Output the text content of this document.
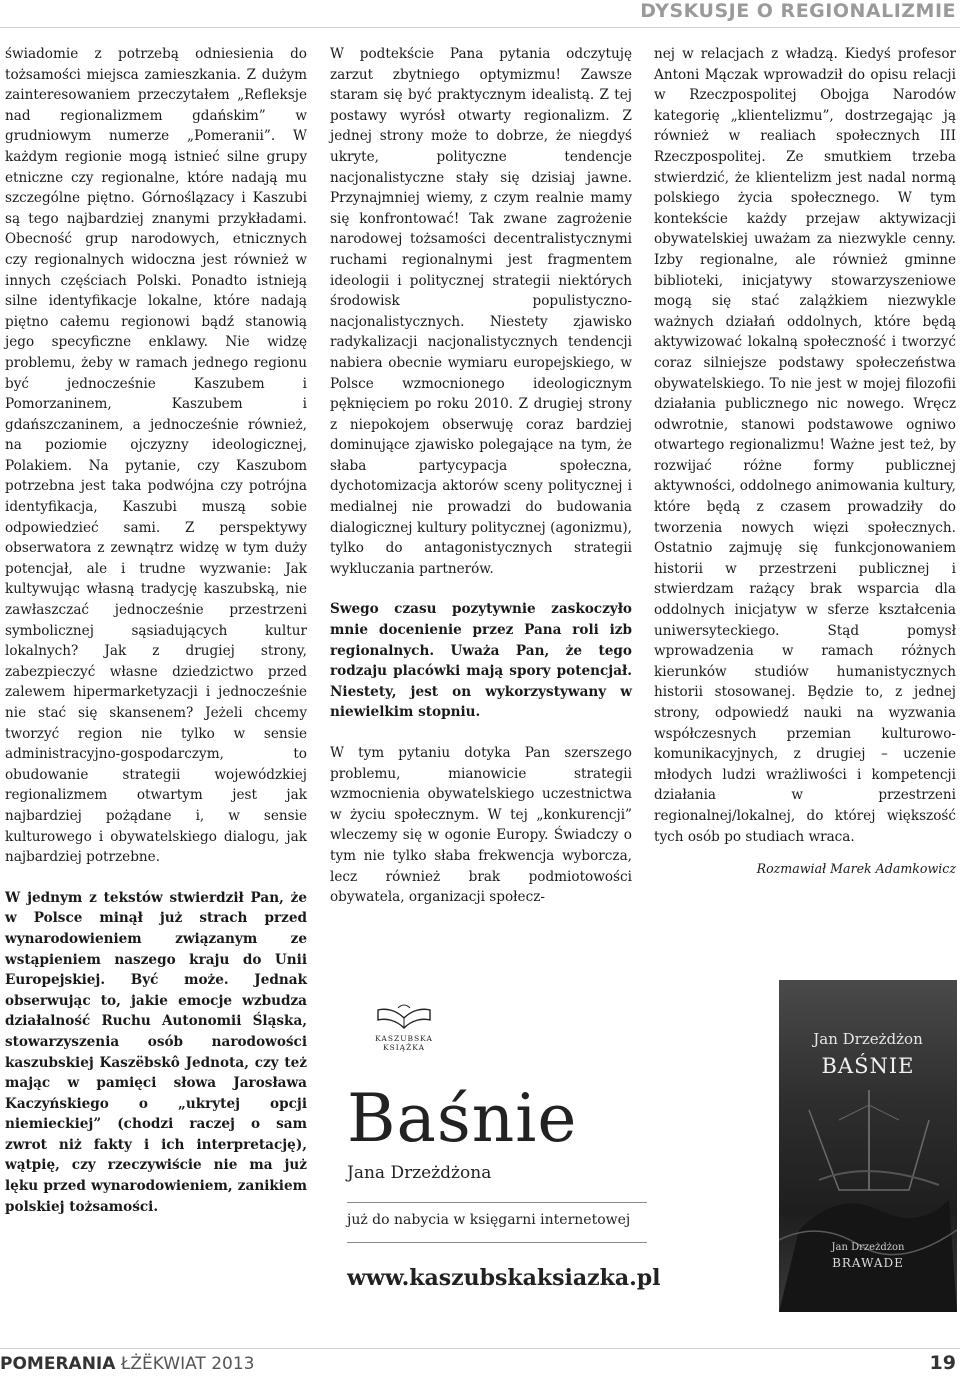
DYSKUSJE O REGIONALIZMIE

świadomie z potrzebą odniesienia do tożsamości miejsca zamieszkania. Z dużym zainteresowaniem przeczytałem „Refleksje nad regionalizmem gdańskim” w grudniowym numerze „Pomeranii”. W każdym regionie mogą istnieć silne grupy etniczne czy regionalne, które nadają mu szczególne piętno. Górnoślązacy i Kaszubi są tego najbardziej znanymi przykładami. Obecność grup narodowych, etnicznych czy regionalnych widoczna jest również w innych częściach Polski. Ponadto istnieją silne identyfikacje lokalne, które nadają piętno całemu regionowi bądź stanowią jego specyficzne enklawy. Nie widzę problemu, żeby w ramach jednego regionu być jednocześnie Kaszubem i Pomorzaninem, Kaszubem i gdańszczaninem, a jednocześnie również, na poziomie ojczyzny ideologicznej, Polakiem. Na pytanie, czy Kaszubom potrzebna jest taka podwójna czy potrójna identyfikacja, Kaszubi muszą sobie odpowiedzieć sami. Z perspektywy obserwatora z zewnątrz widzę w tym duży potencjał, ale i trudne wyzwanie: Jak kultywując własną tradycję kaszubską, nie zawłaszczać jednocześnie przestrzeni symbolicznej sąsiadujących kultur lokalnych? Jak z drugiej strony, zabezpieczyć własne dziedzictwo przed zalewem hipermarketyzacji i jednocześnie nie stać się skansenem? Jeżeli chcemy tworzyć region nie tylko w sensie administracyjno-gospodarczym, to obudowanie strategii wojewódzkiej regionalizmem otwartym jest jak najbardziej pożądane i, w sensie kulturowego i obywatelskiego dialogu, jak najbardziej potrzebne.

W jednym z tekstów stwierdził Pan, że w Polsce minął już strach przed wynarodowieniem związanym ze wstąpieniem naszego kraju do Unii Europejskiej. Być może. Jednak obserwując to, jakie emocje wzbudza działalność Ruchu Autonomii Śląska, stowarzyszenia osób narodowości kaszubskiej Kaszëbskô Jednota, czy też mając w pamięci słowa Jarosława Kaczyńskiego o „ukrytej opcji niemieckiej” (chodzi raczej o sam zwrot niż fakty i ich interpretację), wątpię, czy rzeczywiście nie ma już lęku przed wynarodowieniem, zanikiem polskiej tożsamości.

W podtekście Pana pytania odczytuję zarzut zbytniego optymizmu! Zawsze staram się być praktycznym idealistą. Z tej postawy wyrósł otwarty regionalizm. Z jednej strony może to dobrze, że niegdyś ukryte, polityczne tendencje nacjonalistyczne stały się dzisiaj jawne. Przynajmniej wiemy, z czym realnie mamy się konfrontować! Tak zwane zagrożenie narodowej tożsamości decentralistycznymi ruchami regionalnymi jest fragmentem ideologii i politycznej strategii niektórych środowisk populistyczno-nacjonalistycznych. Niestety zjawisko radykalizacji nacjonalistycznych tendencji nabiera obecnie wymiaru europejskiego, w Polsce wzmocnionego ideologicznym pęknięciem po roku 2010. Z drugiej strony z niepokojem obserwuję coraz bardziej dominujące zjawisko polegające na tym, że słaba partycypacja społeczna, dychotomizacja aktorów sceny politycznej i medialnej nie prowadzi do budowania dialogicznej kultury politycznej (agonizmu), tylko do antagonistycznych strategii wykluczania partnerów.

Swego czasu pozytywnie zaskoczyło mnie docenienie przez Pana roli izb regionalnych. Uważa Pan, że tego rodzaju placówki mają spory potencjał. Niestety, jest on wykorzystywany w niewielkim stopniu.

W tym pytaniu dotyka Pan szerszego problemu, mianowicie strategii wzmocnienia obywatelskiego uczestnictwa w życiu społecznym. W tej „konkurencji” wleczemy się w ogonie Europy. Świadczy o tym nie tylko słaba frekwencja wyborcza, lecz również brak podmiotowości obywatela, organizacji społecz-

nej w relacjach z władzą. Kiedyś profesor Antoni Mączak wprowadził do opisu relacji w Rzeczpospolitej Obojga Narodów kategorię „klientelizmu”, dostrzegając ją również w realiach społecznych III Rzeczpospolitej. Ze smutkiem trzeba stwierdzić, że klientelizm jest nadal normą polskiego życia społecznego. W tym kontekście każdy przejaw aktywizacji obywatelskiej uważam za niezwykle cenny. Izby regionalne, ale również gminne biblioteki, inicjatywy stowarzyszeniowe mogą się stać zalążkiem niezwykle ważnych działań oddolnych, które będą aktywizować lokalną społeczność i tworzyć coraz silniejsze podstawy społeczeństwa obywatelskiego. To nie jest w mojej filozofii działania publicznego nic nowego. Wręcz odwrotnie, stanowi podstawowe ogniwo otwartego regionalizmu! Ważne jest też, by rozwijać różne formy publicznej aktywności, oddolnego animowania kultury, które będą z czasem prowadziły do tworzenia nowych więzi społecznych. Ostatnio zajmuję się funkcjonowaniem historii w przestrzeni publicznej i stwierdzam rażący brak wsparcia dla oddolnych inicjatyw w sferze kształcenia uniwersyteckiego. Stąd pomysł wprowadzenia w ramach różnych kierunków studiów humanistycznych historii stosowanej. Będzie to, z jednej strony, odpowiedź nauki na wyzwania współczesnych przemian kulturowo-komunikacyjnych, z drugiej – uczenie młodych ludzi wrażliwości i kompetencji działania w przestrzeni regionalnej/lokalnej, do której większość tych osób po studiach wraca.

Rozmawiał Marek Adamkowicz

KASZUBSKA
KSIĄŻKA
Baśnie
Jana Drzeżdżona
już do nabycia w księgarni internetowej
www.kaszubskaksiazka.pl
Jan Drzeżdżon
BAŚNIE
Jan Drzeżdżon
BRAWADE
POMERANIA ŁŻËKWIAT 2013	19
